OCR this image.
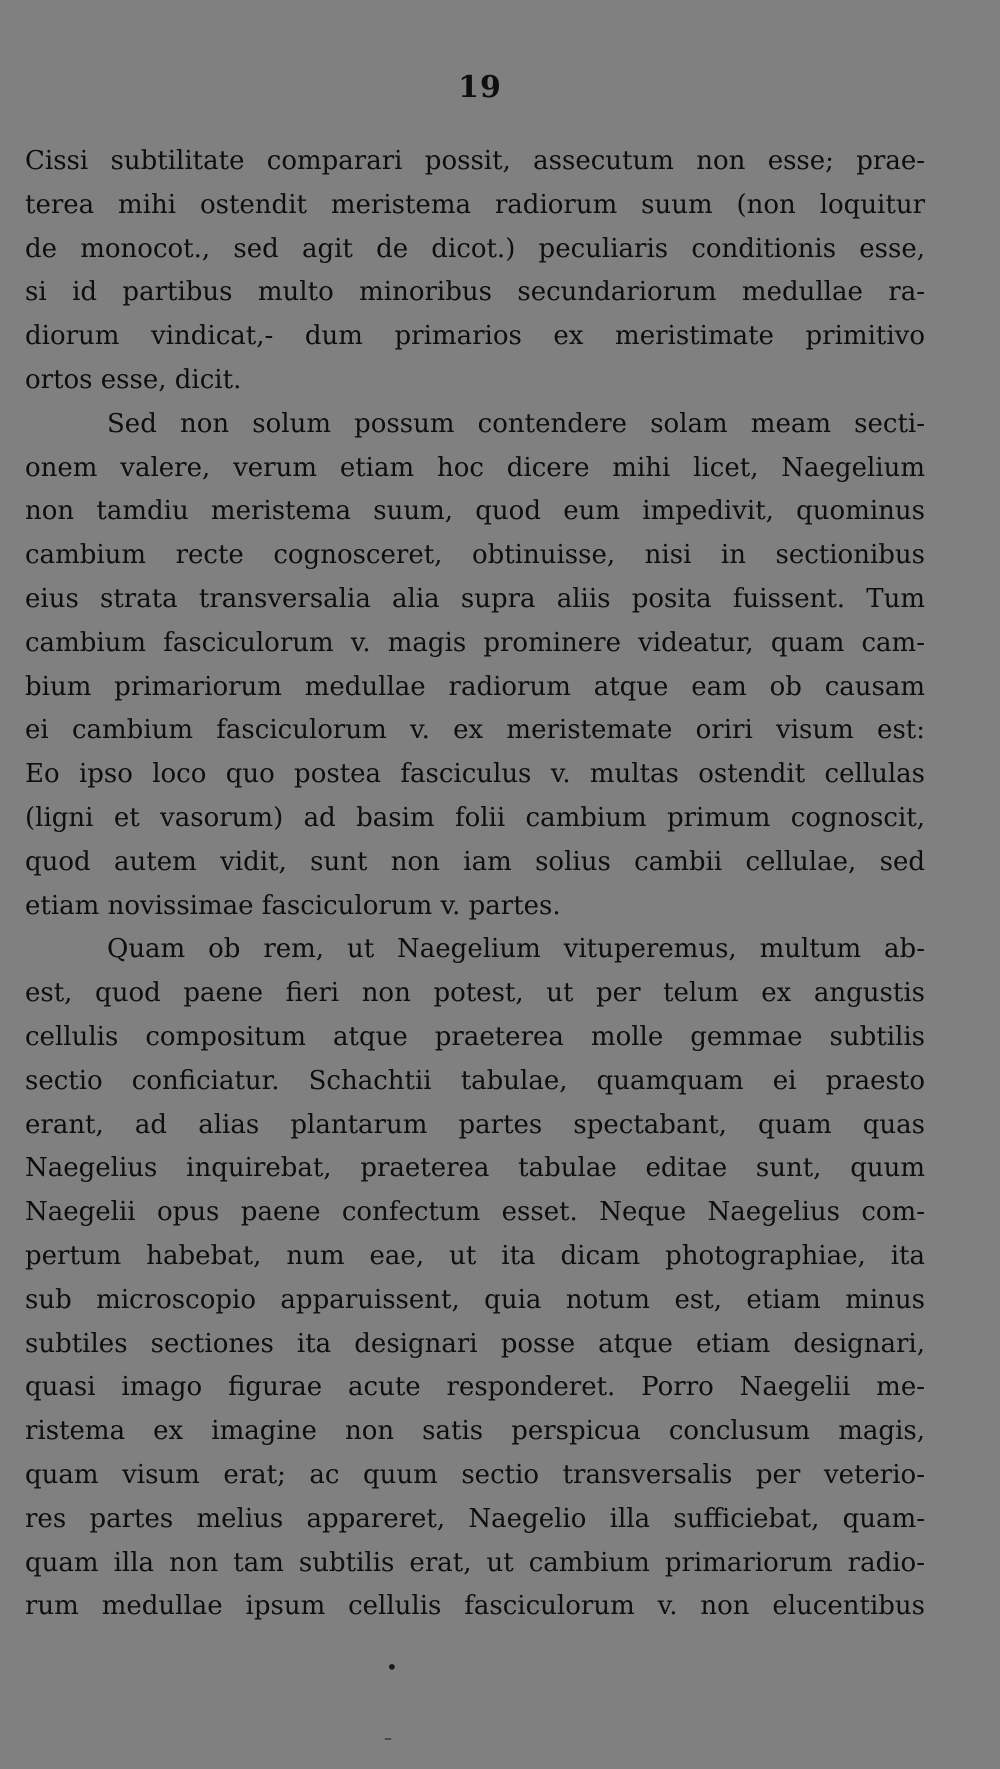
19
Cissi subtilitate comparari possit, assecutum non esse; prae-
terea mihi ostendit meristema radiorum suum (non loquitur
de monocot., sed agit de dicot.) peculiaris conditionis esse,
si id partibus multo minoribus secundariorum medullae ra-
diorum vindicat,- dum primarios ex meristimate primitivo
ortos esse, dicit.
Sed non solum possum contendere solam meam secti-
onem valere, verum etiam hoc dicere mihi licet, Naegelium
non tamdiu meristema suum, quod eum impedivit, quominus
cambium recte cognosceret, obtinuisse, nisi in sectionibus
eius strata transversalia alia supra aliis posita fuissent. Tum
cambium fasciculorum v. magis prominere videatur, quam cam-
bium primariorum medullae radiorum atque eam ob causam
ei cambium fasciculorum v. ex meristemate oriri visum est:
Eo ipso loco quo postea fasciculus v. multas ostendit cellulas
(ligni et vasorum) ad basim folii cambium primum cognoscit,
quod autem vidit, sunt non iam solius cambii cellulae, sed
etiam novissimae fasciculorum v. partes.
Quam ob rem, ut Naegelium vituperemus, multum ab-
est, quod paene fieri non potest, ut per telum ex angustis
cellulis compositum atque praeterea molle gemmae subtilis
sectio conficiatur. Schachtii tabulae, quamquam ei praesto
erant, ad alias plantarum partes spectabant, quam quas
Naegelius inquirebat, praeterea tabulae editae sunt, quum
Naegelii opus paene confectum esset. Neque Naegelius com-
pertum habebat, num eae, ut ita dicam photographiae, ita
sub microscopio apparuissent, quia notum est, etiam minus
subtiles sectiones ita designari posse atque etiam designari,
quasi imago figurae acute responderet. Porro Naegelii me-
ristema ex imagine non satis perspicua conclusum magis,
quam visum erat; ac quum sectio transversalis per veterio-
res partes melius appareret, Naegelio illa sufficiebat, quam-
quam illa non tam subtilis erat, ut cambium primariorum radio-
rum medullae ipsum cellulis fasciculorum v. non elucentibus
•
–
